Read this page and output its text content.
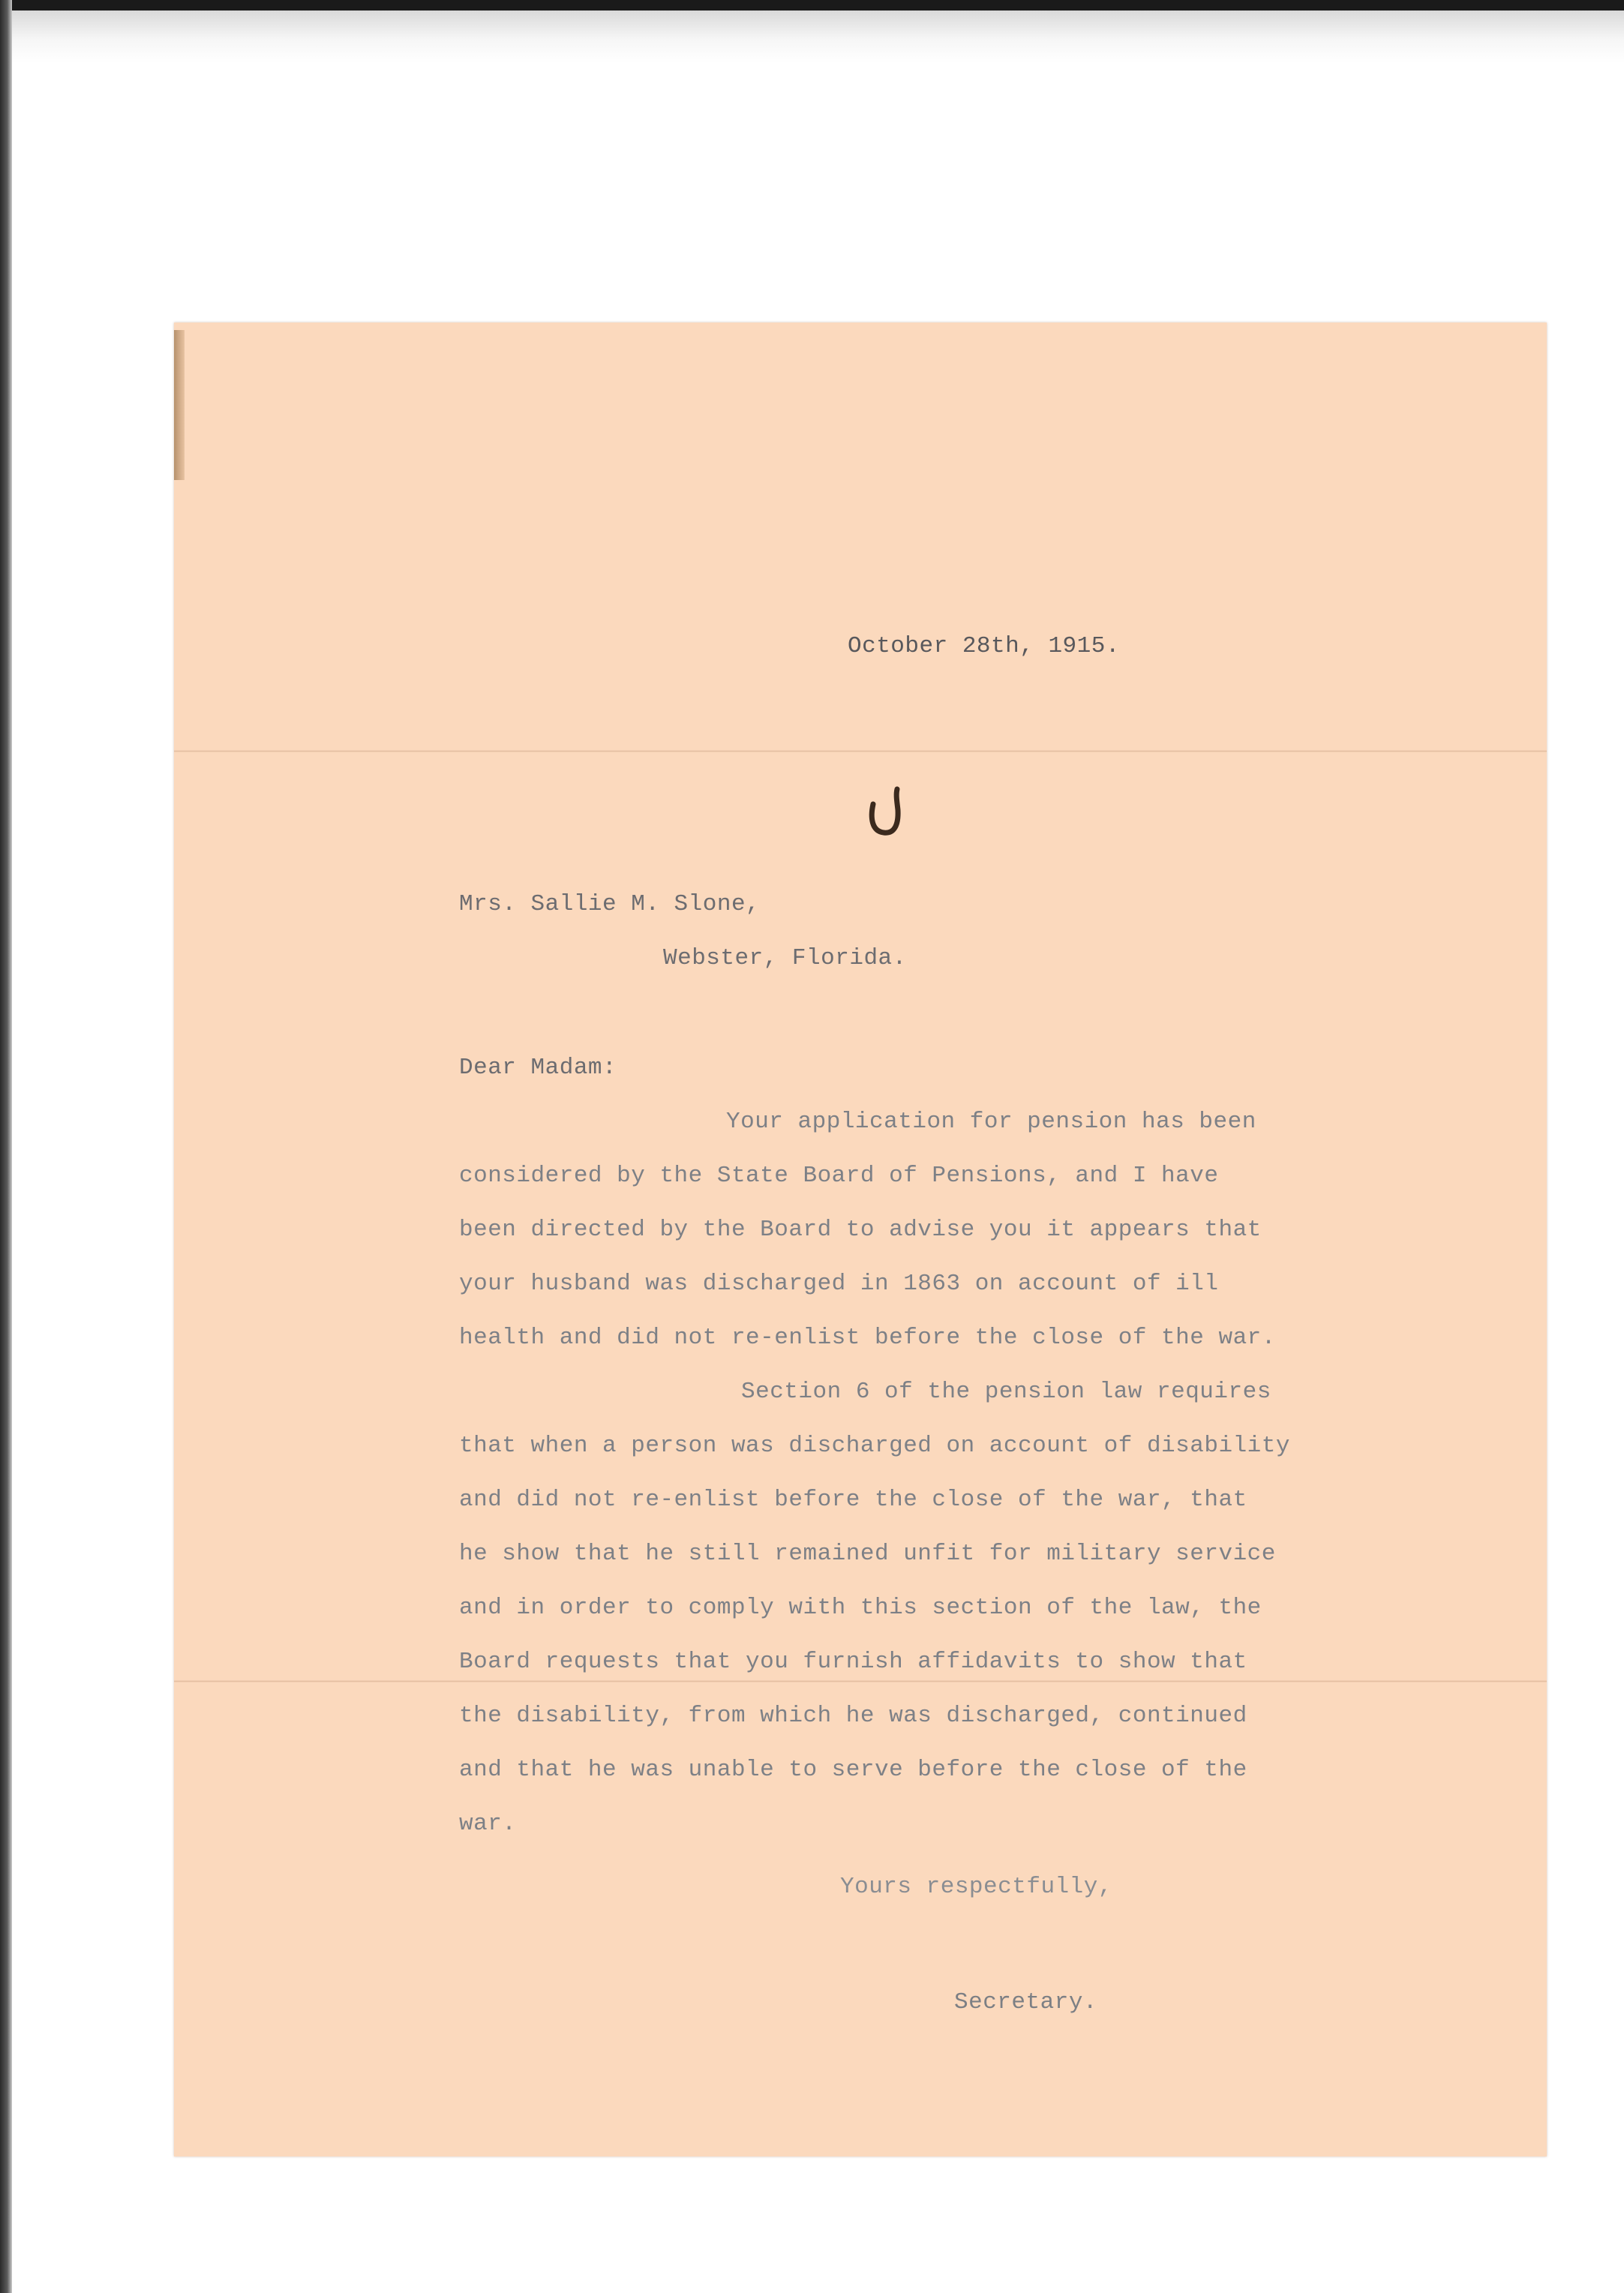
October 28th, 1915.

Mrs. Sallie M. Slone,

Webster, Florida.

Dear Madam:

Your application for pension has been
considered by the State Board of Pensions, and I have
been directed by the Board to advise you it appears that
your husband was discharged in 1863 on account of ill
health and did not re-enlist before the close of the war.
Section 6 of the pension law requires
that when a person was discharged on account of disability
and did not re-enlist before the close of the war, that
he show that he still remained unfit for military service
and in order to comply with this section of the law, the
Board requests that you furnish affidavits to show that
the disability, from which he was discharged, continued
and that he was unable to serve before the close of the
war.

Yours respectfully,

Secretary.
